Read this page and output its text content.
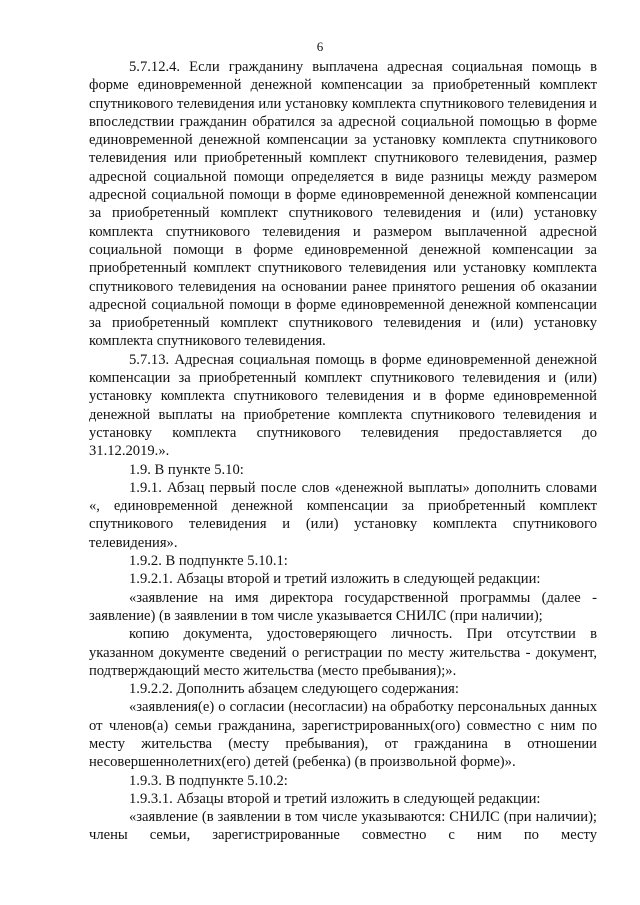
6

5.7.12.4. Если гражданину выплачена адресная социальная помощь в форме единовременной денежной компенсации за приобретенный комплект спутникового телевидения или установку комплекта спутникового телевидения и впоследствии гражданин обратился за адресной социальной помощью в форме единовременной денежной компенсации за установку комплекта спутникового телевидения или приобретенный комплект спутникового телевидения, размер адресной социальной помощи определяется в виде разницы между размером адресной социальной помощи в форме единовременной денежной компенсации за приобретенный комплект спутникового телевидения и (или) установку комплекта спутникового телевидения и размером выплаченной адресной социальной помощи в форме единовременной денежной компенсации за приобретенный комплект спутникового телевидения или установку комплекта спутникового телевидения на основании ранее принятого решения об оказании адресной социальной помощи в форме единовременной денежной компенсации за приобретенный комплект спутникового телевидения и (или) установку комплекта спутникового телевидения.

5.7.13. Адресная социальная помощь в форме единовременной денежной компенсации за приобретенный комплект спутникового телевидения и (или) установку комплекта спутникового телевидения и в форме единовременной денежной выплаты на приобретение комплекта спутникового телевидения и установку комплекта спутникового телевидения предоставляется до 31.12.2019.».

1.9. В пункте 5.10:

1.9.1. Абзац первый после слов «денежной выплаты» дополнить словами «, единовременной денежной компенсации за приобретенный комплект спутникового телевидения и (или) установку комплекта спутникового телевидения».

1.9.2. В подпункте 5.10.1:

1.9.2.1. Абзацы второй и третий изложить в следующей редакции:

«заявление на имя директора государственной программы (далее - заявление) (в заявлении в том числе указывается СНИЛС (при наличии);

копию документа, удостоверяющего личность. При отсутствии в указанном документе сведений о регистрации по месту жительства - документ, подтверждающий место жительства (место пребывания);».

1.9.2.2. Дополнить абзацем следующего содержания:

«заявления(е) о согласии (несогласии) на обработку персональных данных от членов(а) семьи гражданина, зарегистрированных(ого) совместно с ним по месту жительства (месту пребывания), от гражданина в отношении несовершеннолетних(его) детей (ребенка) (в произвольной форме)».

1.9.3. В подпункте 5.10.2:

1.9.3.1. Абзацы второй и третий изложить в следующей редакции:

«заявление (в заявлении в том числе указываются: СНИЛС (при наличии); члены семьи, зарегистрированные совместно с ним по месту
